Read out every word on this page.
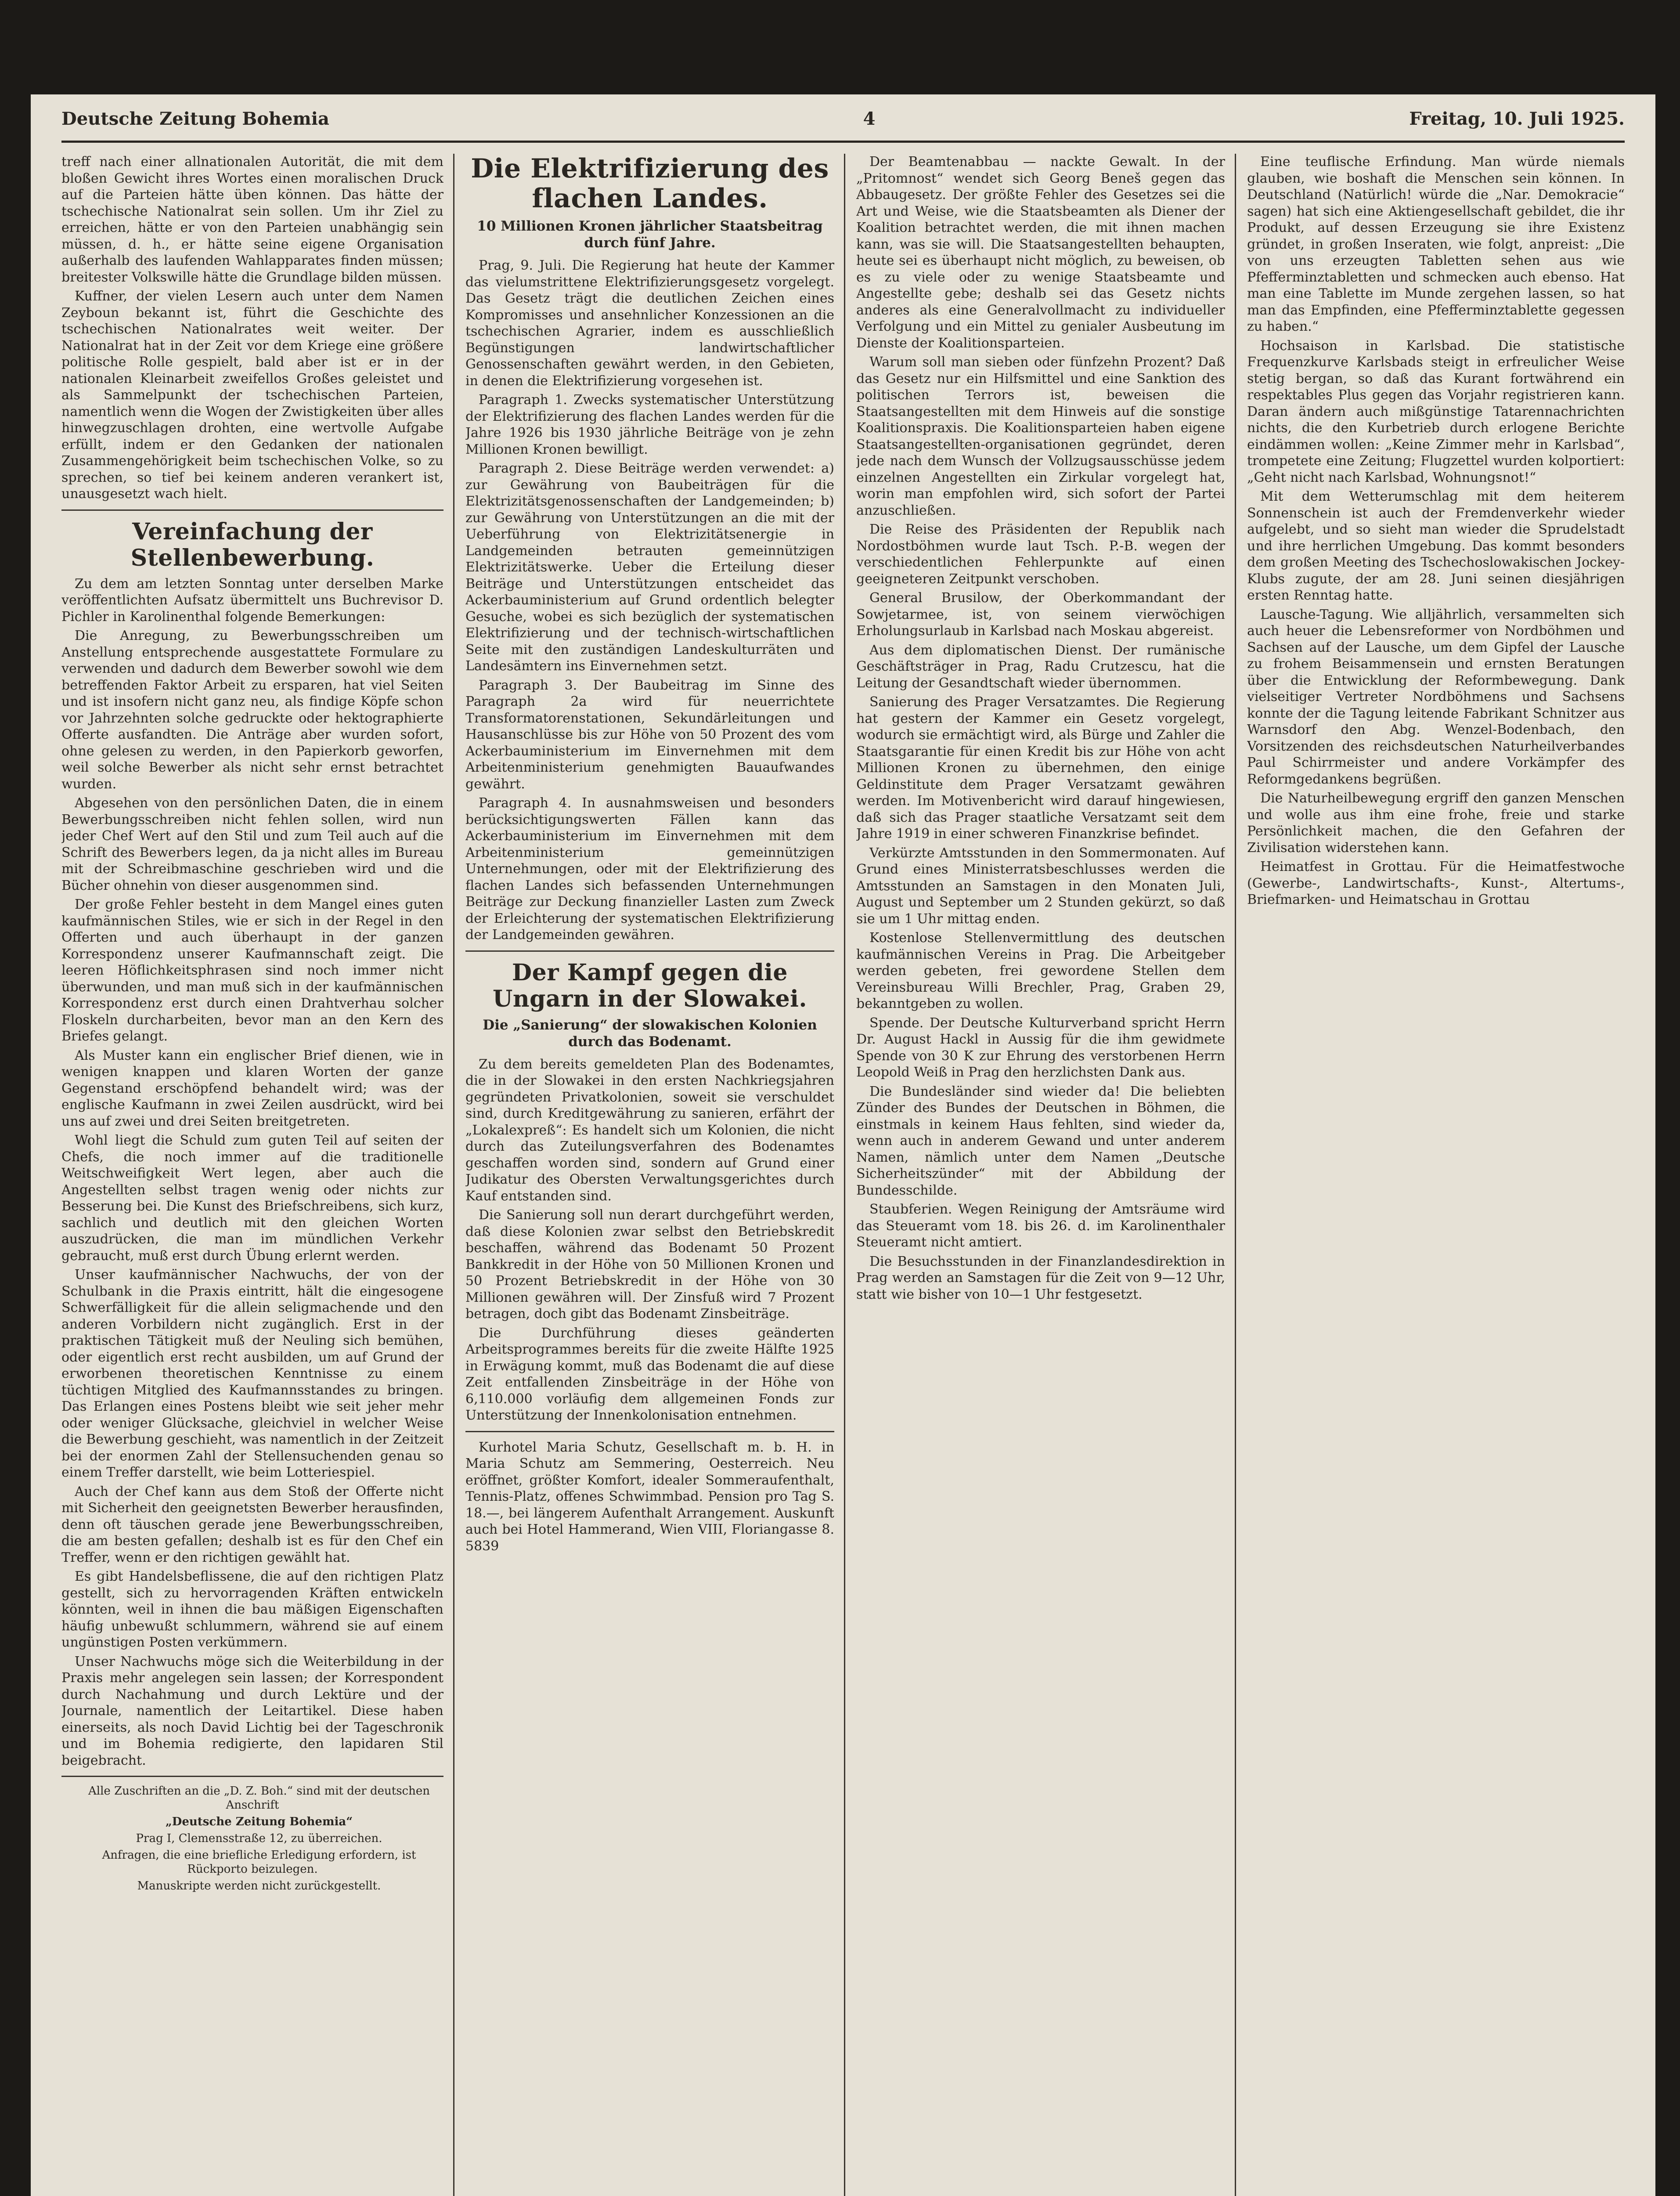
Deutsche Zeitung Bohemia	4	Freitag, 10. Juli 1925.

treff nach einer allnationalen Autorität, die mit dem bloßen Gewicht ihres Wortes einen moralischen Druck auf die Parteien hätte üben können. Das hätte der tschechische Nationalrat sein sollen. Um ihr Ziel zu erreichen, hätte er von den Parteien unabhängig sein müssen, d. h., er hätte seine eigene Organisation außerhalb des laufenden Wahlapparates finden müssen; breitester Volkswille hätte die Grundlage bilden müssen.

Kuffner, der vielen Lesern auch unter dem Namen Zeyboun bekannt ist, führt die Geschichte des tschechischen Nationalrates weit weiter. Der Nationalrat hat in der Zeit vor dem Kriege eine größere politische Rolle gespielt, bald aber ist er in der nationalen Kleinarbeit zweifellos Großes geleistet und als Sammelpunkt der tschechischen Parteien, namentlich wenn die Wogen der Zwistigkeiten über alles hinwegzuschlagen drohten, eine wertvolle Aufgabe erfüllt, indem er den Gedanken der nationalen Zusammengehörigkeit beim tschechischen Volke, so zu sprechen, so tief bei keinem anderen verankert ist, unausgesetzt wach hielt.

Vereinfachung der Stellenbewerbung.

Zu dem am letzten Sonntag unter derselben Marke veröffentlichten Aufsatz übermittelt uns Buchrevisor D. Pichler in Karolinenthal folgende Bemerkungen:

Die Anregung, zu Bewerbungsschreiben um Anstellung entsprechende ausgestattete Formulare zu verwenden und dadurch dem Bewerber sowohl wie dem betreffenden Faktor Arbeit zu ersparen, hat viel Seiten und ist insofern nicht ganz neu, als findige Köpfe schon vor Jahrzehnten solche gedruckte oder hektographierte Offerte ausfandten. Die Anträge aber wurden sofort, ohne gelesen zu werden, in den Papierkorb geworfen, weil solche Bewerber als nicht sehr ernst betrachtet wurden.

Abgesehen von den persönlichen Daten, die in einem Bewerbungsschreiben nicht fehlen sollen, wird nun jeder Chef Wert auf den Stil und zum Teil auch auf die Schrift des Bewerbers legen, da ja nicht alles im Bureau mit der Schreibmaschine geschrieben wird und die Bücher ohnehin von dieser ausgenommen sind.

Der große Fehler besteht in dem Mangel eines guten kaufmännischen Stiles, wie er sich in der Regel in den Offerten und auch überhaupt in der ganzen Korrespondenz unserer Kaufmannschaft zeigt. Die leeren Höflichkeitsphrasen sind noch immer nicht überwunden, und man muß sich in der kaufmännischen Korrespondenz erst durch einen Drahtverhau solcher Floskeln durcharbeiten, bevor man an den Kern des Briefes gelangt.

Als Muster kann ein englischer Brief dienen, wie in wenigen knappen und klaren Worten der ganze Gegenstand erschöpfend behandelt wird; was der englische Kaufmann in zwei Zeilen ausdrückt, wird bei uns auf zwei und drei Seiten breitgetreten.

Wohl liegt die Schuld zum guten Teil auf seiten der Chefs, die noch immer auf die traditionelle Weitschweifigkeit Wert legen, aber auch die Angestellten selbst tragen wenig oder nichts zur Besserung bei. Die Kunst des Briefschreibens, sich kurz, sachlich und deutlich mit den gleichen Worten auszudrücken, die man im mündlichen Verkehr gebraucht, muß erst durch Übung erlernt werden.

Unser kaufmännischer Nachwuchs, der von der Schulbank in die Praxis eintritt, hält die eingesogene Schwerfälligkeit für die allein seligmachende und den anderen Vorbildern nicht zugänglich. Erst in der praktischen Tätigkeit muß der Neuling sich bemühen, oder eigentlich erst recht ausbilden, um auf Grund der erworbenen theoretischen Kenntnisse zu einem tüchtigen Mitglied des Kaufmannsstandes zu bringen. Das Erlangen eines Postens bleibt wie seit jeher mehr oder weniger Glücksache, gleichviel in welcher Weise die Bewerbung geschieht, was namentlich in der Zeitzeit bei der enormen Zahl der Stellensuchenden genau so einem Treffer darstellt, wie beim Lotteriespiel.

Auch der Chef kann aus dem Stoß der Offerte nicht mit Sicherheit den geeignetsten Bewerber herausfinden, denn oft täuschen gerade jene Bewerbungsschreiben, die am besten gefallen; deshalb ist es für den Chef ein Treffer, wenn er den richtigen gewählt hat.

Es gibt Handelsbeflissene, die auf den richtigen Platz gestellt, sich zu hervorragenden Kräften entwickeln könnten, weil in ihnen die bau mäßigen Eigenschaften häufig unbewußt schlummern, während sie auf einem ungünstigen Posten verkümmern.

Unser Nachwuchs möge sich die Weiterbildung in der Praxis mehr angelegen sein lassen; der Korrespondent durch Nachahmung und durch Lektüre und der Journale, namentlich der Leitartikel. Diese haben einerseits, als noch David Lichtig bei der Tageschronik und im Bohemia redigierte, den lapidaren Stil beigebracht.

Alle Zuschriften an die „D. Z. Boh.“ sind mit der deutschen Anschrift

„Deutsche Zeitung Bohemia“

Prag I, Clemensstraße 12, zu überreichen.

Anfragen, die eine briefliche Erledigung erfordern, ist Rückporto beizulegen.

Manuskripte werden nicht zurückgestellt.

Die Elektrifizierung des flachen Landes.
10 Millionen Kronen jährlicher Staatsbeitrag durch fünf Jahre.

Prag, 9. Juli. Die Regierung hat heute der Kammer das vielumstrittene Elektrifizierungsgesetz vorgelegt. Das Gesetz trägt die deutlichen Zeichen eines Kompromisses und ansehnlicher Konzessionen an die tschechischen Agrarier, indem es ausschließlich Begünstigungen landwirtschaftlicher Genossenschaften gewährt werden, in den Gebieten, in denen die Elektrifizierung vorgesehen ist.

Paragraph 1. Zwecks systematischer Unterstützung der Elektrifizierung des flachen Landes werden für die Jahre 1926 bis 1930 jährliche Beiträge von je zehn Millionen Kronen bewilligt.

Paragraph 2. Diese Beiträge werden verwendet: a) zur Gewährung von Baubeiträgen für die Elektrizitätsgenossenschaften der Landgemeinden; b) zur Gewährung von Unterstützungen an die mit der Ueberführung von Elektrizitätsenergie in Landgemeinden betrauten gemeinnützigen Elektrizitätswerke. Ueber die Erteilung dieser Beiträge und Unterstützungen entscheidet das Ackerbauministerium auf Grund ordentlich belegter Gesuche, wobei es sich bezüglich der systematischen Elektrifizierung und der technisch-wirtschaftlichen Seite mit den zuständigen Landeskulturräten und Landesämtern ins Einvernehmen setzt.

Paragraph 3. Der Baubeitrag im Sinne des Paragraph 2a wird für neuerrichtete Transformatorenstationen, Sekundärleitungen und Hausanschlüsse bis zur Höhe von 50 Prozent des vom Ackerbauministerium im Einvernehmen mit dem Arbeitenministerium genehmigten Bauaufwandes gewährt.

Paragraph 4. In ausnahmsweisen und besonders berücksichtigungswerten Fällen kann das Ackerbauministerium im Einvernehmen mit dem Arbeitenministerium gemeinnützigen Unternehmungen, oder mit der Elektrifizierung des flachen Landes sich befassenden Unternehmungen Beiträge zur Deckung finanzieller Lasten zum Zweck der Erleichterung der systematischen Elektrifizierung der Landgemeinden gewähren.

Der Kampf gegen die Ungarn in der Slowakei.
Die „Sanierung“ der slowakischen Kolonien durch das Bodenamt.

Zu dem bereits gemeldeten Plan des Bodenamtes, die in der Slowakei in den ersten Nachkriegsjahren gegründeten Privatkolonien, soweit sie verschuldet sind, durch Kreditgewährung zu sanieren, erfährt der „Lokalexpreß“: Es handelt sich um Kolonien, die nicht durch das Zuteilungsverfahren des Bodenamtes geschaffen worden sind, sondern auf Grund einer Judikatur des Obersten Verwaltungsgerichtes durch Kauf entstanden sind.

Die Sanierung soll nun derart durchgeführt werden, daß diese Kolonien zwar selbst den Betriebskredit beschaffen, während das Bodenamt 50 Prozent Bankkredit in der Höhe von 50 Millionen Kronen und 50 Prozent Betriebskredit in der Höhe von 30 Millionen gewähren will. Der Zinsfuß wird 7 Prozent betragen, doch gibt das Bodenamt Zinsbeiträge.

Die Durchführung dieses geänderten Arbeitsprogrammes bereits für die zweite Hälfte 1925 in Erwägung kommt, muß das Bodenamt die auf diese Zeit entfallenden Zinsbeiträge in der Höhe von 6,110.000 vorläufig dem allgemeinen Fonds zur Unterstützung der Innenkolonisation entnehmen.

Kurhotel Maria Schutz, Gesellschaft m. b. H. in Maria Schutz am Semmering, Oesterreich. Neu eröffnet, größter Komfort, idealer Sommeraufenthalt, Tennis-Platz, offenes Schwimmbad. Pension pro Tag S. 18.—, bei längerem Aufenthalt Arrangement. Auskunft auch bei Hotel Hammerand, Wien VIII, Floriangasse 8. 5839

Der Beamtenabbau — nackte Gewalt. In der „Pritomnost“ wendet sich Georg Beneš gegen das Abbaugesetz. Der größte Fehler des Gesetzes sei die Art und Weise, wie die Staatsbeamten als Diener der Koalition betrachtet werden, die mit ihnen machen kann, was sie will. Die Staatsangestellten behaupten, heute sei es überhaupt nicht möglich, zu beweisen, ob es zu viele oder zu wenige Staatsbeamte und Angestellte gebe; deshalb sei das Gesetz nichts anderes als eine Generalvollmacht zu individueller Verfolgung und ein Mittel zu genialer Ausbeutung im Dienste der Koalitionsparteien.

Warum soll man sieben oder fünfzehn Prozent? Daß das Gesetz nur ein Hilfsmittel und eine Sanktion des politischen Terrors ist, beweisen die Staatsangestellten mit dem Hinweis auf die sonstige Koalitionspraxis. Die Koalitionsparteien haben eigene Staatsangestellten-organisationen gegründet, deren jede nach dem Wunsch der Vollzugsausschüsse jedem einzelnen Angestellten ein Zirkular vorgelegt hat, worin man empfohlen wird, sich sofort der Partei anzuschließen.

Die Reise des Präsidenten der Republik nach Nordostböhmen wurde laut Tsch. P.-B. wegen der verschiedentlichen Fehlerpunkte auf einen geeigneteren Zeitpunkt verschoben.

General Brusilow, der Oberkommandant der Sowjetarmee, ist, von seinem vierwöchigen Erholungsurlaub in Karlsbad nach Moskau abgereist.

Aus dem diplomatischen Dienst. Der rumänische Geschäftsträger in Prag, Radu Crutzescu, hat die Leitung der Gesandtschaft wieder übernommen.

Sanierung des Prager Versatzamtes. Die Regierung hat gestern der Kammer ein Gesetz vorgelegt, wodurch sie ermächtigt wird, als Bürge und Zahler die Staatsgarantie für einen Kredit bis zur Höhe von acht Millionen Kronen zu übernehmen, den einige Geldinstitute dem Prager Versatzamt gewähren werden. Im Motivenbericht wird darauf hingewiesen, daß sich das Prager staatliche Versatzamt seit dem Jahre 1919 in einer schweren Finanzkrise befindet.

Verkürzte Amtsstunden in den Sommermonaten. Auf Grund eines Ministerratsbeschlusses werden die Amtsstunden an Samstagen in den Monaten Juli, August und September um 2 Stunden gekürzt, so daß sie um 1 Uhr mittag enden.

Kostenlose Stellenvermittlung des deutschen kaufmännischen Vereins in Prag. Die Arbeitgeber werden gebeten, frei gewordene Stellen dem Vereinsbureau Willi Brechler, Prag, Graben 29, bekanntgeben zu wollen.

Spende. Der Deutsche Kulturverband spricht Herrn Dr. August Hackl in Aussig für die ihm gewidmete Spende von 30 K zur Ehrung des verstorbenen Herrn Leopold Weiß in Prag den herzlichsten Dank aus.

Die Bundesländer sind wieder da! Die beliebten Zünder des Bundes der Deutschen in Böhmen, die einstmals in keinem Haus fehlten, sind wieder da, wenn auch in anderem Gewand und unter anderem Namen, nämlich unter dem Namen „Deutsche Sicherheitszünder“ mit der Abbildung der Bundesschilde.

Staubferien. Wegen Reinigung der Amtsräume wird das Steueramt vom 18. bis 26. d. im Karolinenthaler Steueramt nicht amtiert.

Die Besuchsstunden in der Finanzlandesdirektion in Prag werden an Samstagen für die Zeit von 9—12 Uhr, statt wie bisher von 10—1 Uhr festgesetzt.

Eine teuflische Erfindung. Man würde niemals glauben, wie boshaft die Menschen sein können. In Deutschland (Natürlich! würde die „Nar. Demokracie“ sagen) hat sich eine Aktiengesellschaft gebildet, die ihr Produkt, auf dessen Erzeugung sie ihre Existenz gründet, in großen Inseraten, wie folgt, anpreist: „Die von uns erzeugten Tabletten sehen aus wie Pfefferminztabletten und schmecken auch ebenso. Hat man eine Tablette im Munde zergehen lassen, so hat man das Empfinden, eine Pfefferminztablette gegessen zu haben.“

Hochsaison in Karlsbad. Die statistische Frequenzkurve Karlsbads steigt in erfreulicher Weise stetig bergan, so daß das Kurant fortwährend ein respektables Plus gegen das Vorjahr registrieren kann. Daran ändern auch mißgünstige Tatarennachrichten nichts, die den Kurbetrieb durch erlogene Berichte eindämmen wollen: „Keine Zimmer mehr in Karlsbad“, trompetete eine Zeitung; Flugzettel wurden kolportiert: „Geht nicht nach Karlsbad, Wohnungsnot!“

Mit dem Wetterumschlag mit dem heiterem Sonnenschein ist auch der Fremdenverkehr wieder aufgelebt, und so sieht man wieder die Sprudelstadt und ihre herrlichen Umgebung. Das kommt besonders dem großen Meeting des Tschechoslowakischen Jockey-Klubs zugute, der am 28. Juni seinen diesjährigen ersten Renntag hatte.

Lausche-Tagung. Wie alljährlich, versammelten sich auch heuer die Lebensreformer von Nordböhmen und Sachsen auf der Lausche, um dem Gipfel der Lausche zu frohem Beisammensein und ernsten Beratungen über die Entwicklung der Reformbewegung. Dank vielseitiger Vertreter Nordböhmens und Sachsens konnte der die Tagung leitende Fabrikant Schnitzer aus Warnsdorf den Abg. Wenzel-Bodenbach, den Vorsitzenden des reichsdeutschen Naturheilverbandes Paul Schirrmeister und andere Vorkämpfer des Reformgedankens begrüßen.

Die Naturheilbewegung ergriff den ganzen Menschen und wolle aus ihm eine frohe, freie und starke Persönlichkeit machen, die den Gefahren der Zivilisation widerstehen kann.

Heimatfest in Grottau. Für die Heimatfestwoche (Gewerbe-, Landwirtschafts-, Kunst-, Altertums-, Briefmarken- und Heimatschau in Grottau
